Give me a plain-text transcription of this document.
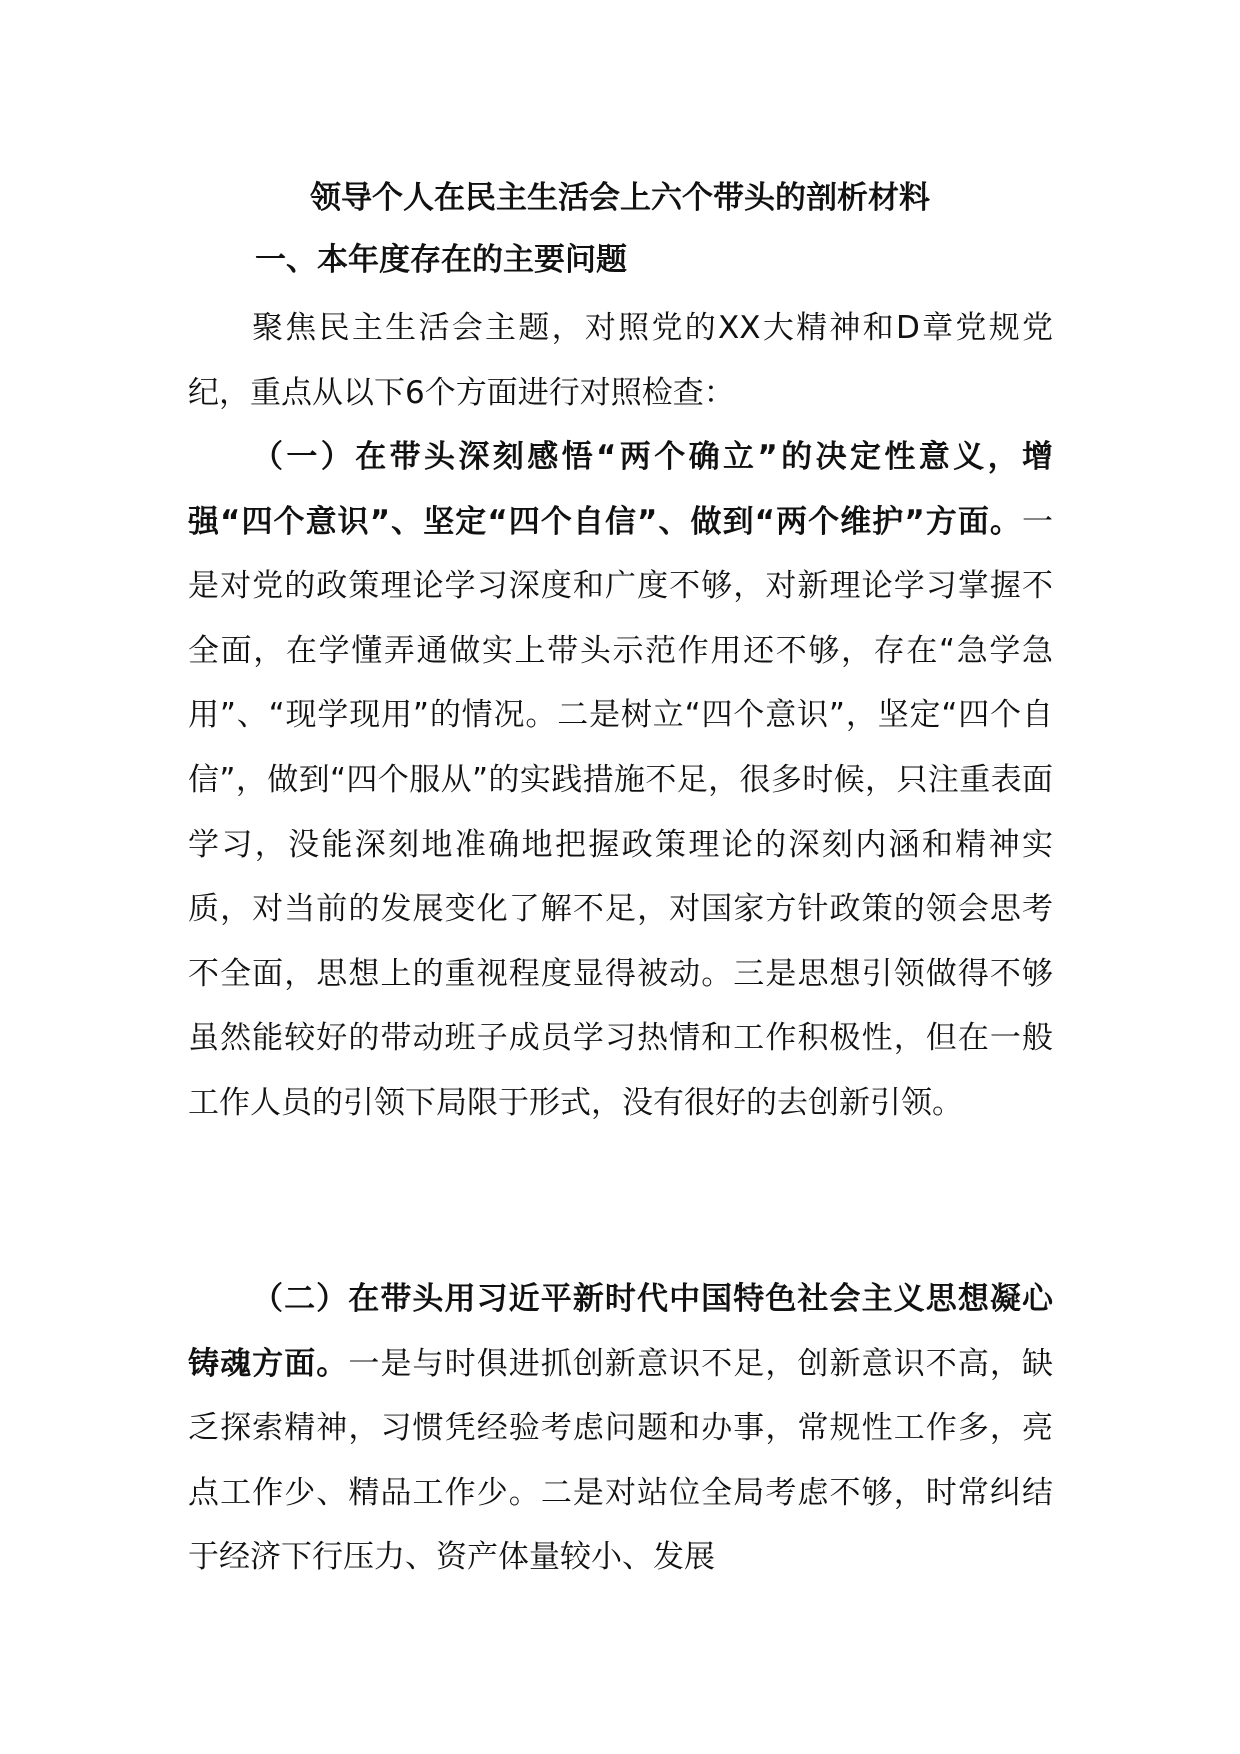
领导个人在民主生活会上六个带头的剖析材料
一、本年度存在的主要问题

聚焦民主生活会主题，对照党的XX大精神和D章党规党纪，重点从以下6个方面进行对照检查：

（一）在带头深刻感悟“两个确立”的决定性意义，增强“四个意识”、坚定“四个自信”、做到“两个维护”方面。一是对党的政策理论学习深度和广度不够，对新理论学习掌握不全面，在学懂弄通做实上带头示范作用还不够，存在“急学急用”、“现学现用”的情况。二是树立“四个意识”，坚定“四个自信”，做到“四个服从”的实践措施不足，很多时候，只注重表面学习，没能深刻地准确地把握政策理论的深刻内涵和精神实质，对当前的发展变化了解不足，对国家方针政策的领会思考不全面，思想上的重视程度显得被动。三是思想引领做得不够虽然能较好的带动班子成员学习热情和工作积极性，但在一般工作人员的引领下局限于形式，没有很好的去创新引领。

（二）在带头用习近平新时代中国特色社会主义思想凝心铸魂方面。一是与时俱进抓创新意识不足，创新意识不高，缺乏探索精神，习惯凭经验考虑问题和办事，常规性工作多，亮点工作少、精品工作少。二是对站位全局考虑不够，时常纠结于经济下行压力、资产体量较小、发展
